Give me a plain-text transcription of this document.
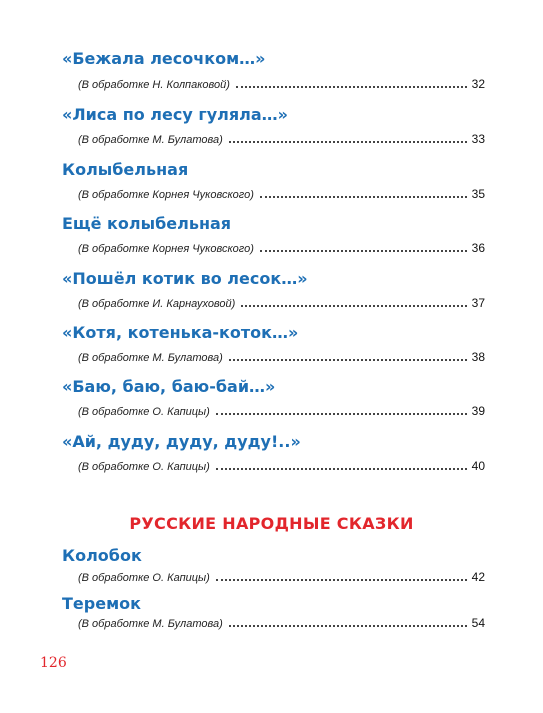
«Бежала лесочком…»
(В обработке Н. Колпаковой)	32
«Лиса по лесу гуляла…»
(В обработке М. Булатова)	33
Колыбельная
(В обработке Корнея Чуковского)	35
Ещё колыбельная
(В обработке Корнея Чуковского)	36
«Пошёл котик во лесок…»
(В обработке И. Карнауховой)	37
«Котя, котенька-коток…»
(В обработке М. Булатова)	38
«Баю, баю, баю-бай…»
(В обработке О. Капицы)	39
«Ай, дуду, дуду, дуду!..»
(В обработке О. Капицы)	40
РУССКИЕ НАРОДНЫЕ СКАЗКИ
Колобок
(В обработке О. Капицы)	42
Теремок
(В обработке М. Булатова)	54
126
